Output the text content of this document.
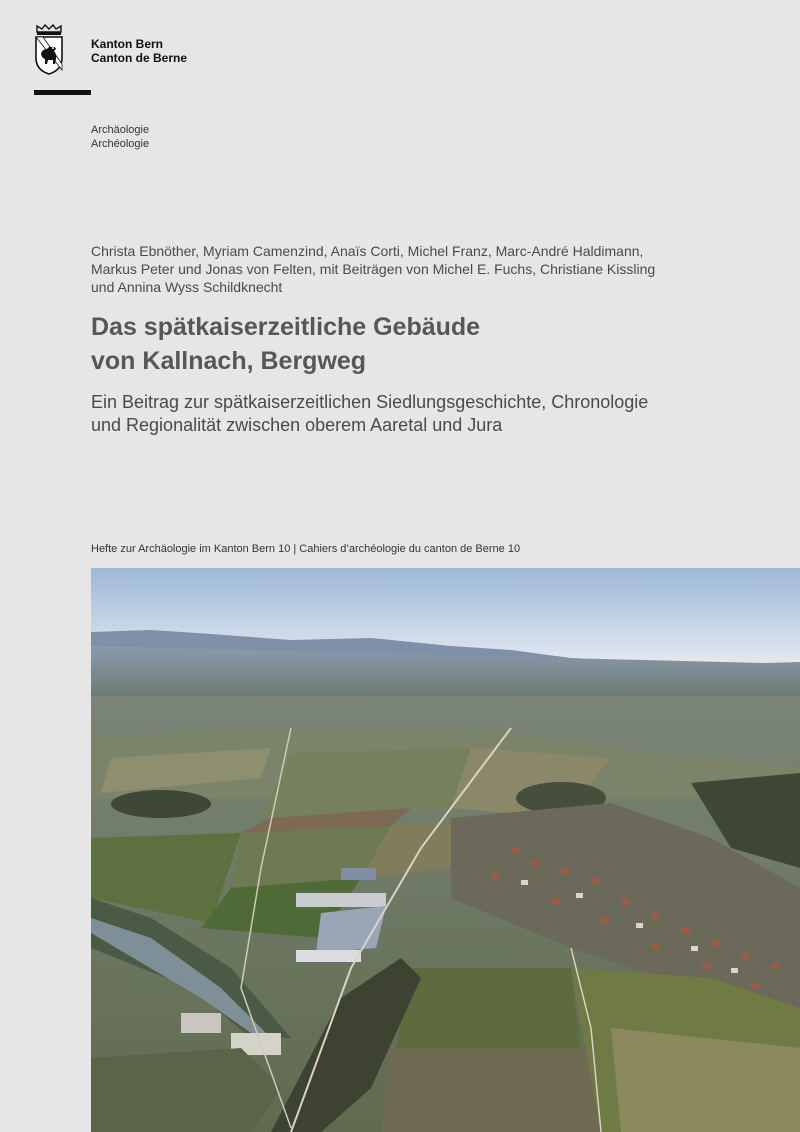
Kanton Bern
Canton de Berne
Archäologie
Archéologie
Christa Ebnöther, Myriam Camenzind, Anaïs Corti, Michel Franz, Marc-André Haldimann,
Markus Peter und Jonas von Felten, mit Beiträgen von Michel E. Fuchs, Christiane Kissling
und Annina Wyss Schildknecht
Das spätkaiserzeitliche Gebäude
von Kallnach, Bergweg
Ein Beitrag zur spätkaiserzeitlichen Siedlungsgeschichte, Chronologie
und Regionalität zwischen oberem Aaretal und Jura
Hefte zur Archäologie im Kanton Bern 10 | Cahiers d’archéologie du canton de Berne 10
